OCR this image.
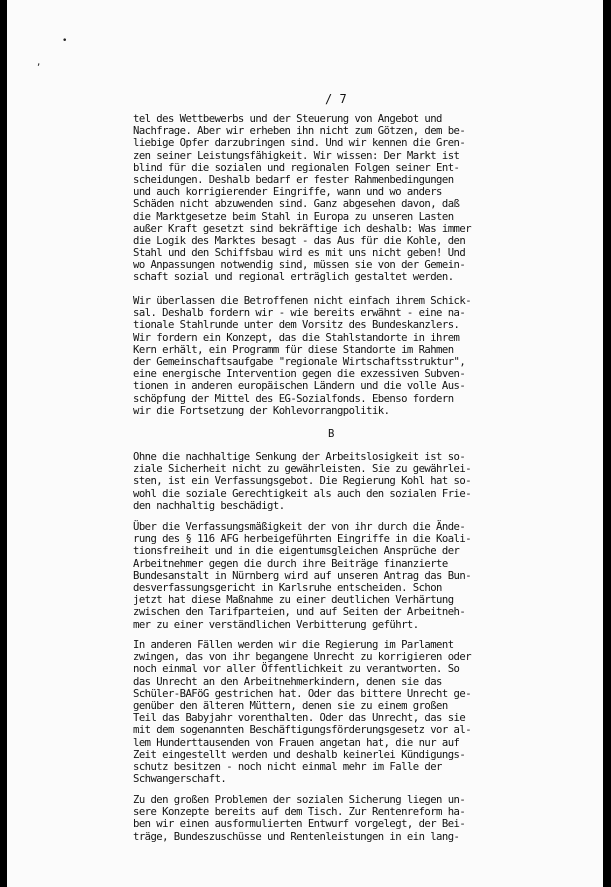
•
,
/ 7
tel des Wettbewerbs und der Steuerung von Angebot und
Nachfrage. Aber wir erheben ihn nicht zum Götzen, dem be-
liebige Opfer darzubringen sind. Und wir kennen die Gren-
zen seiner Leistungsfähigkeit. Wir wissen: Der Markt ist
blind für die sozialen und regionalen Folgen seiner Ent-
scheidungen. Deshalb bedarf er fester Rahmenbedingungen
und auch korrigierender Eingriffe, wann und wo anders
Schäden nicht abzuwenden sind. Ganz abgesehen davon, daß
die Marktgesetze beim Stahl in Europa zu unseren Lasten
außer Kraft gesetzt sind bekräftige ich deshalb: Was immer
die Logik des Marktes besagt - das Aus für die Kohle, den
Stahl und den Schiffsbau wird es mit uns nicht geben! Und
wo Anpassungen notwendig sind, müssen sie von der Gemein-
schaft sozial und regional erträglich gestaltet werden.
Wir überlassen die Betroffenen nicht einfach ihrem Schick-
sal. Deshalb fordern wir - wie bereits erwähnt - eine na-
tionale Stahlrunde unter dem Vorsitz des Bundeskanzlers.
Wir fordern ein Konzept, das die Stahlstandorte in ihrem
Kern erhält, ein Programm für diese Standorte im Rahmen
der Gemeinschaftsaufgabe "regionale Wirtschaftsstruktur",
eine energische Intervention gegen die exzessiven Subven-
tionen in anderen europäischen Ländern und die volle Aus-
schöpfung der Mittel des EG-Sozialfonds. Ebenso fordern
wir die Fortsetzung der Kohlevorrangpolitik.
B
Ohne die nachhaltige Senkung der Arbeitslosigkeit ist so-
ziale Sicherheit nicht zu gewährleisten. Sie zu gewährlei-
sten, ist ein Verfassungsgebot. Die Regierung Kohl hat so-
wohl die soziale Gerechtigkeit als auch den sozialen Frie-
den nachhaltig beschädigt.
Über die Verfassungsmäßigkeit der von ihr durch die Ände-
rung des § 116 AFG herbeigeführten Eingriffe in die Koali-
tionsfreiheit und in die eigentumsgleichen Ansprüche der
Arbeitnehmer gegen die durch ihre Beiträge finanzierte
Bundesanstalt in Nürnberg wird auf unseren Antrag das Bun-
desverfassungsgericht in Karlsruhe entscheiden. Schon
jetzt hat diese Maßnahme zu einer deutlichen Verhärtung
zwischen den Tarifparteien, und auf Seiten der Arbeitneh-
mer zu einer verständlichen Verbitterung geführt.
In anderen Fällen werden wir die Regierung im Parlament
zwingen, das von ihr begangene Unrecht zu korrigieren oder
noch einmal vor aller Öffentlichkeit zu verantworten. So
das Unrecht an den Arbeitnehmerkindern, denen sie das
Schüler-BAFöG gestrichen hat. Oder das bittere Unrecht ge-
genüber den älteren Müttern, denen sie zu einem großen
Teil das Babyjahr vorenthalten. Oder das Unrecht, das sie
mit dem sogenannten Beschäftigungsförderungsgesetz vor al-
lem Hunderttausenden von Frauen angetan hat, die nur auf
Zeit eingestellt werden und deshalb keinerlei Kündigungs-
schutz besitzen - noch nicht einmal mehr im Falle der
Schwangerschaft.
Zu den großen Problemen der sozialen Sicherung liegen un-
sere Konzepte bereits auf dem Tisch. Zur Rentenreform ha-
ben wir einen ausformulierten Entwurf vorgelegt, der Bei-
träge, Bundeszuschüsse und Rentenleistungen in ein lang-
